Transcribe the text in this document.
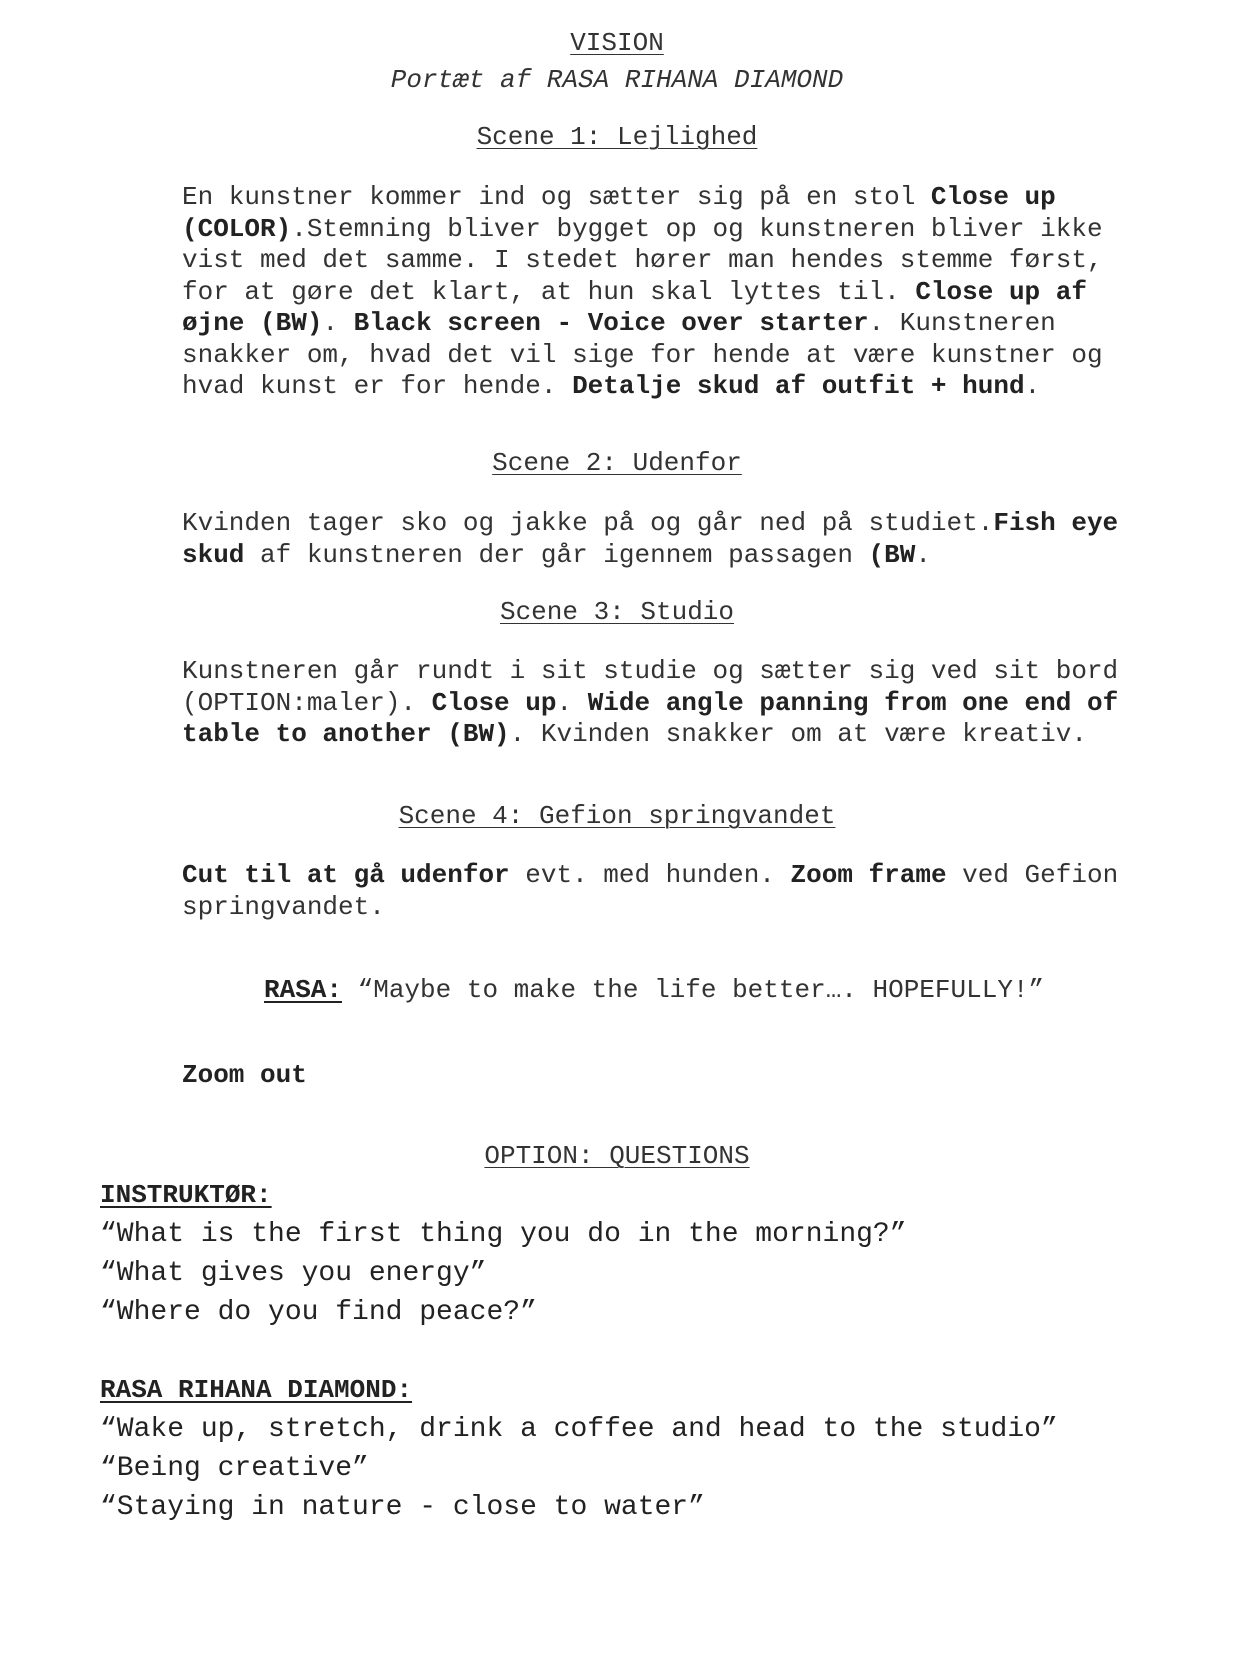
VISION
Portæt af RASA RIHANA DIAMOND
Scene 1: Lejlighed
En kunstner kommer ind og sætter sig på en stol Close up (COLOR).Stemning bliver bygget op og kunstneren bliver ikke vist med det samme. I stedet hører man hendes stemme først, for at gøre det klart, at hun skal lyttes til. Close up af øjne (BW). Black screen - Voice over starter. Kunstneren snakker om, hvad det vil sige for hende at være kunstner og hvad kunst er for hende. Detalje skud af outfit + hund.
Scene 2: Udenfor
Kvinden tager sko og jakke på og går ned på studiet.Fish eye skud af kunstneren der går igennem passagen (BW.
Scene 3: Studio
Kunstneren går rundt i sit studie og sætter sig ved sit bord (OPTION:maler). Close up. Wide angle panning from one end of table to another (BW). Kvinden snakker om at være kreativ.
Scene 4: Gefion springvandet
Cut til at gå udenfor evt. med hunden. Zoom frame ved Gefion springvandet.
RASA: “Maybe to make the life better…. HOPEFULLY!”
Zoom out
OPTION: QUESTIONS
INSTRUKTØR:
“What is the first thing you do in the morning?”
“What gives you energy”
“Where do you find peace?”
RASA RIHANA DIAMOND:
“Wake up, stretch, drink a coffee and head to the studio”
“Being creative”
“Staying in nature - close to water”
